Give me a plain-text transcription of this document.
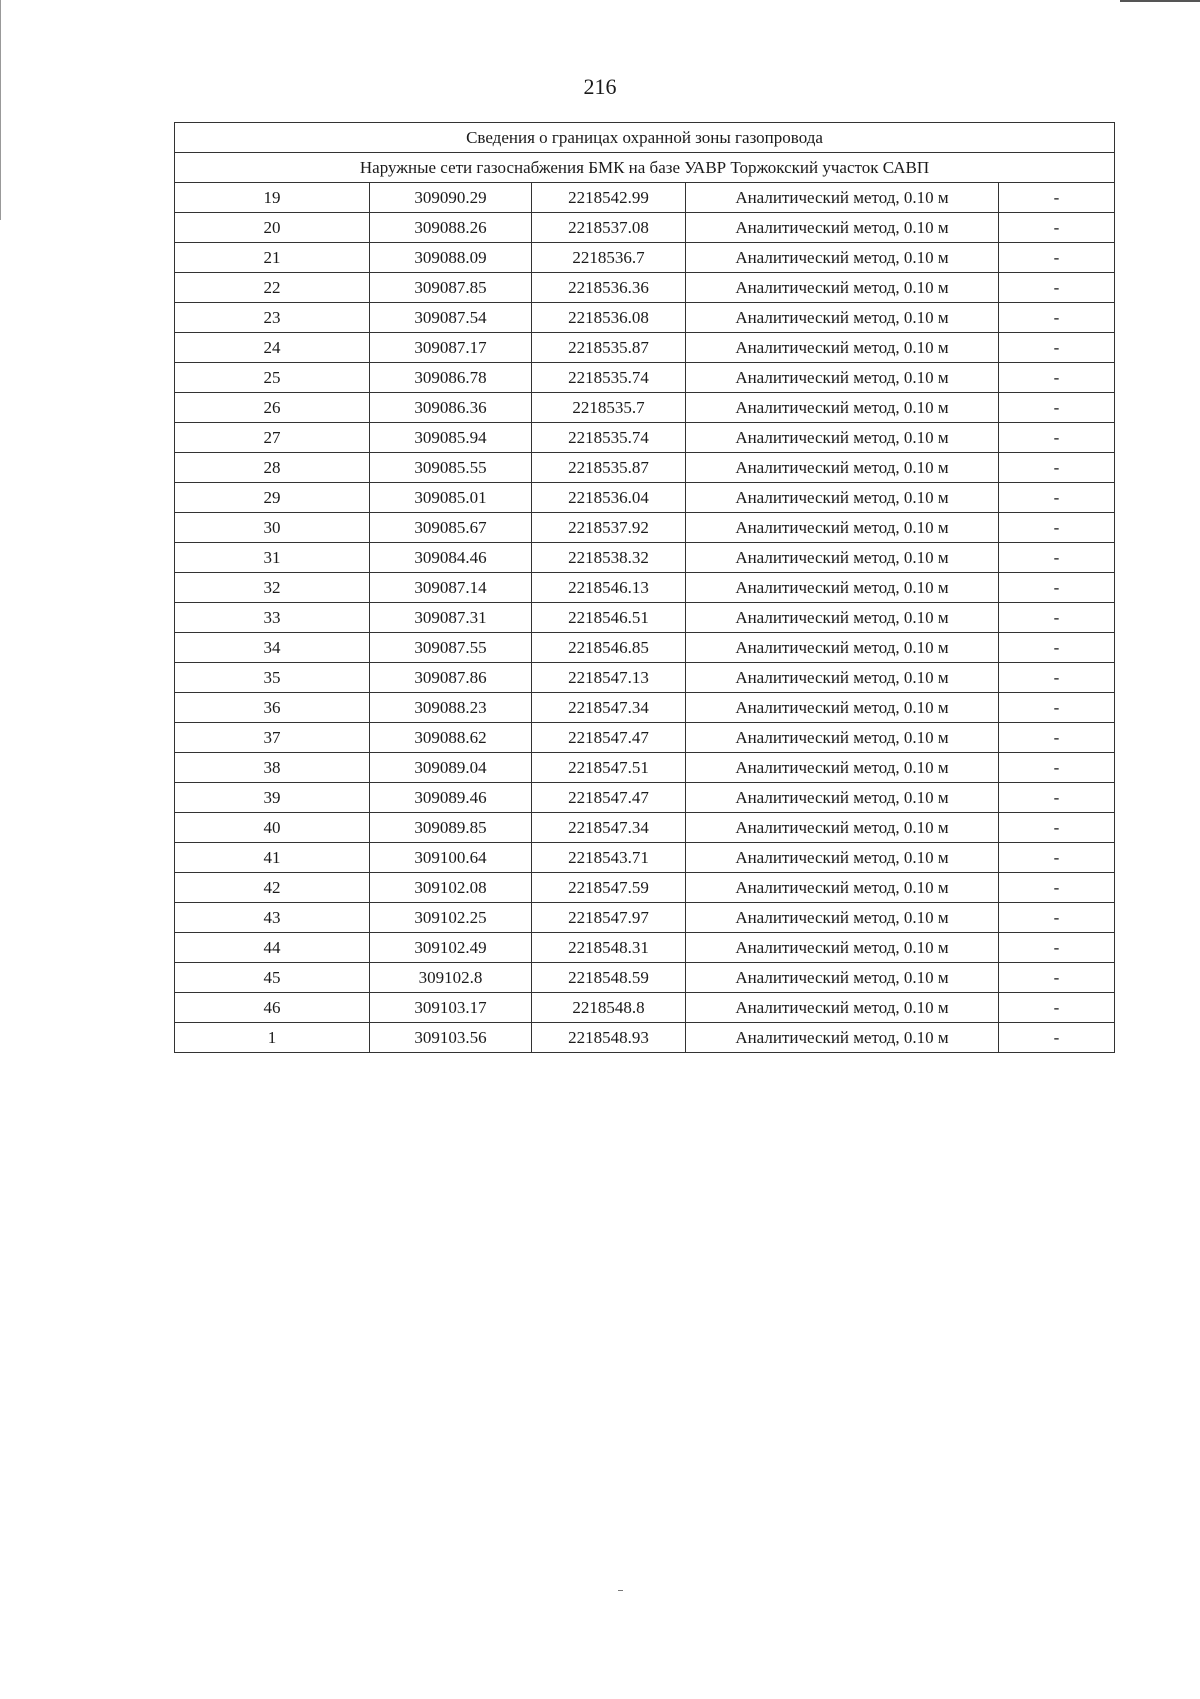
216
Сведения о границах охранной зоны газопровода				
Наружные сети газоснабжения БМК на базе УАВР Торжокский участок САВП				
19	309090.29	2218542.99	Аналитический метод, 0.10 м	-
20	309088.26	2218537.08	Аналитический метод, 0.10 м	-
21	309088.09	2218536.7	Аналитический метод, 0.10 м	-
22	309087.85	2218536.36	Аналитический метод, 0.10 м	-
23	309087.54	2218536.08	Аналитический метод, 0.10 м	-
24	309087.17	2218535.87	Аналитический метод, 0.10 м	-
25	309086.78	2218535.74	Аналитический метод, 0.10 м	-
26	309086.36	2218535.7	Аналитический метод, 0.10 м	-
27	309085.94	2218535.74	Аналитический метод, 0.10 м	-
28	309085.55	2218535.87	Аналитический метод, 0.10 м	-
29	309085.01	2218536.04	Аналитический метод, 0.10 м	-
30	309085.67	2218537.92	Аналитический метод, 0.10 м	-
31	309084.46	2218538.32	Аналитический метод, 0.10 м	-
32	309087.14	2218546.13	Аналитический метод, 0.10 м	-
33	309087.31	2218546.51	Аналитический метод, 0.10 м	-
34	309087.55	2218546.85	Аналитический метод, 0.10 м	-
35	309087.86	2218547.13	Аналитический метод, 0.10 м	-
36	309088.23	2218547.34	Аналитический метод, 0.10 м	-
37	309088.62	2218547.47	Аналитический метод, 0.10 м	-
38	309089.04	2218547.51	Аналитический метод, 0.10 м	-
39	309089.46	2218547.47	Аналитический метод, 0.10 м	-
40	309089.85	2218547.34	Аналитический метод, 0.10 м	-
41	309100.64	2218543.71	Аналитический метод, 0.10 м	-
42	309102.08	2218547.59	Аналитический метод, 0.10 м	-
43	309102.25	2218547.97	Аналитический метод, 0.10 м	-
44	309102.49	2218548.31	Аналитический метод, 0.10 м	-
45	309102.8	2218548.59	Аналитический метод, 0.10 м	-
46	309103.17	2218548.8	Аналитический метод, 0.10 м	-
1	309103.56	2218548.93	Аналитический метод, 0.10 м	-
